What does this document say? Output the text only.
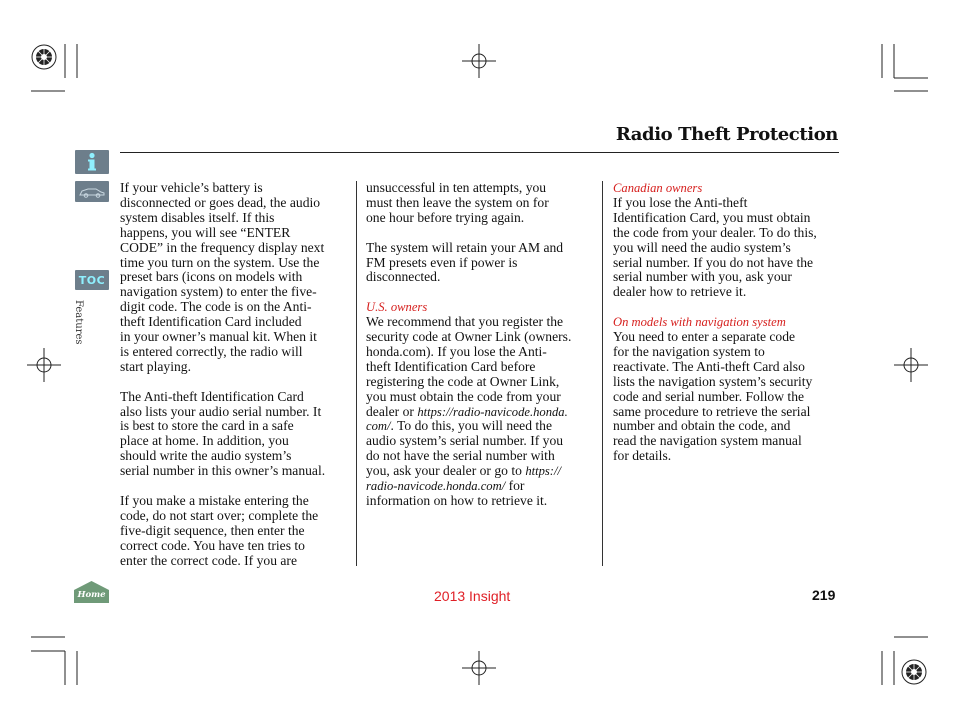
TOC
Features
Home
Radio Theft Protection

If your vehicle’s battery is
disconnected or goes dead, the audio
system disables itself. If this
happens, you will see “ENTER
CODE” in the frequency display next
time you turn on the system. Use the
preset bars (icons on models with
navigation system) to enter the five-
digit code. The code is on the Anti-
theft Identification Card included
in your owner’s manual kit. When it
is entered correctly, the radio will
start playing.

The Anti-theft Identification Card
also lists your audio serial number. It
is best to store the card in a safe
place at home. In addition, you
should write the audio system’s
serial number in this owner’s manual.

If you make a mistake entering the
code, do not start over; complete the
five-digit sequence, then enter the
correct code. You have ten tries to
enter the correct code. If you are

unsuccessful in ten attempts, you
must then leave the system on for
one hour before trying again.

The system will retain your AM and
FM presets even if power is
disconnected.

U.S. owners

We recommend that you register the
security code at Owner Link (owners.
honda.com). If you lose the Anti-
theft Identification Card before
registering the code at Owner Link,
you must obtain the code from your
dealer or https://radio-navicode.honda.
com/. To do this, you will need the
audio system’s serial number. If you
do not have the serial number with
you, ask your dealer or go to https://
radio-navicode.honda.com/ for
information on how to retrieve it.

Canadian owners

If you lose the Anti-theft
Identification Card, you must obtain
the code from your dealer. To do this,
you will need the audio system’s
serial number. If you do not have the
serial number with you, ask your
dealer how to retrieve it.

On models with navigation system

You need to enter a separate code
for the navigation system to
reactivate. The Anti-theft Card also
lists the navigation system’s security
code and serial number. Follow the
same procedure to retrieve the serial
number and obtain the code, and
read the navigation system manual
for details.

2013 Insight	219
